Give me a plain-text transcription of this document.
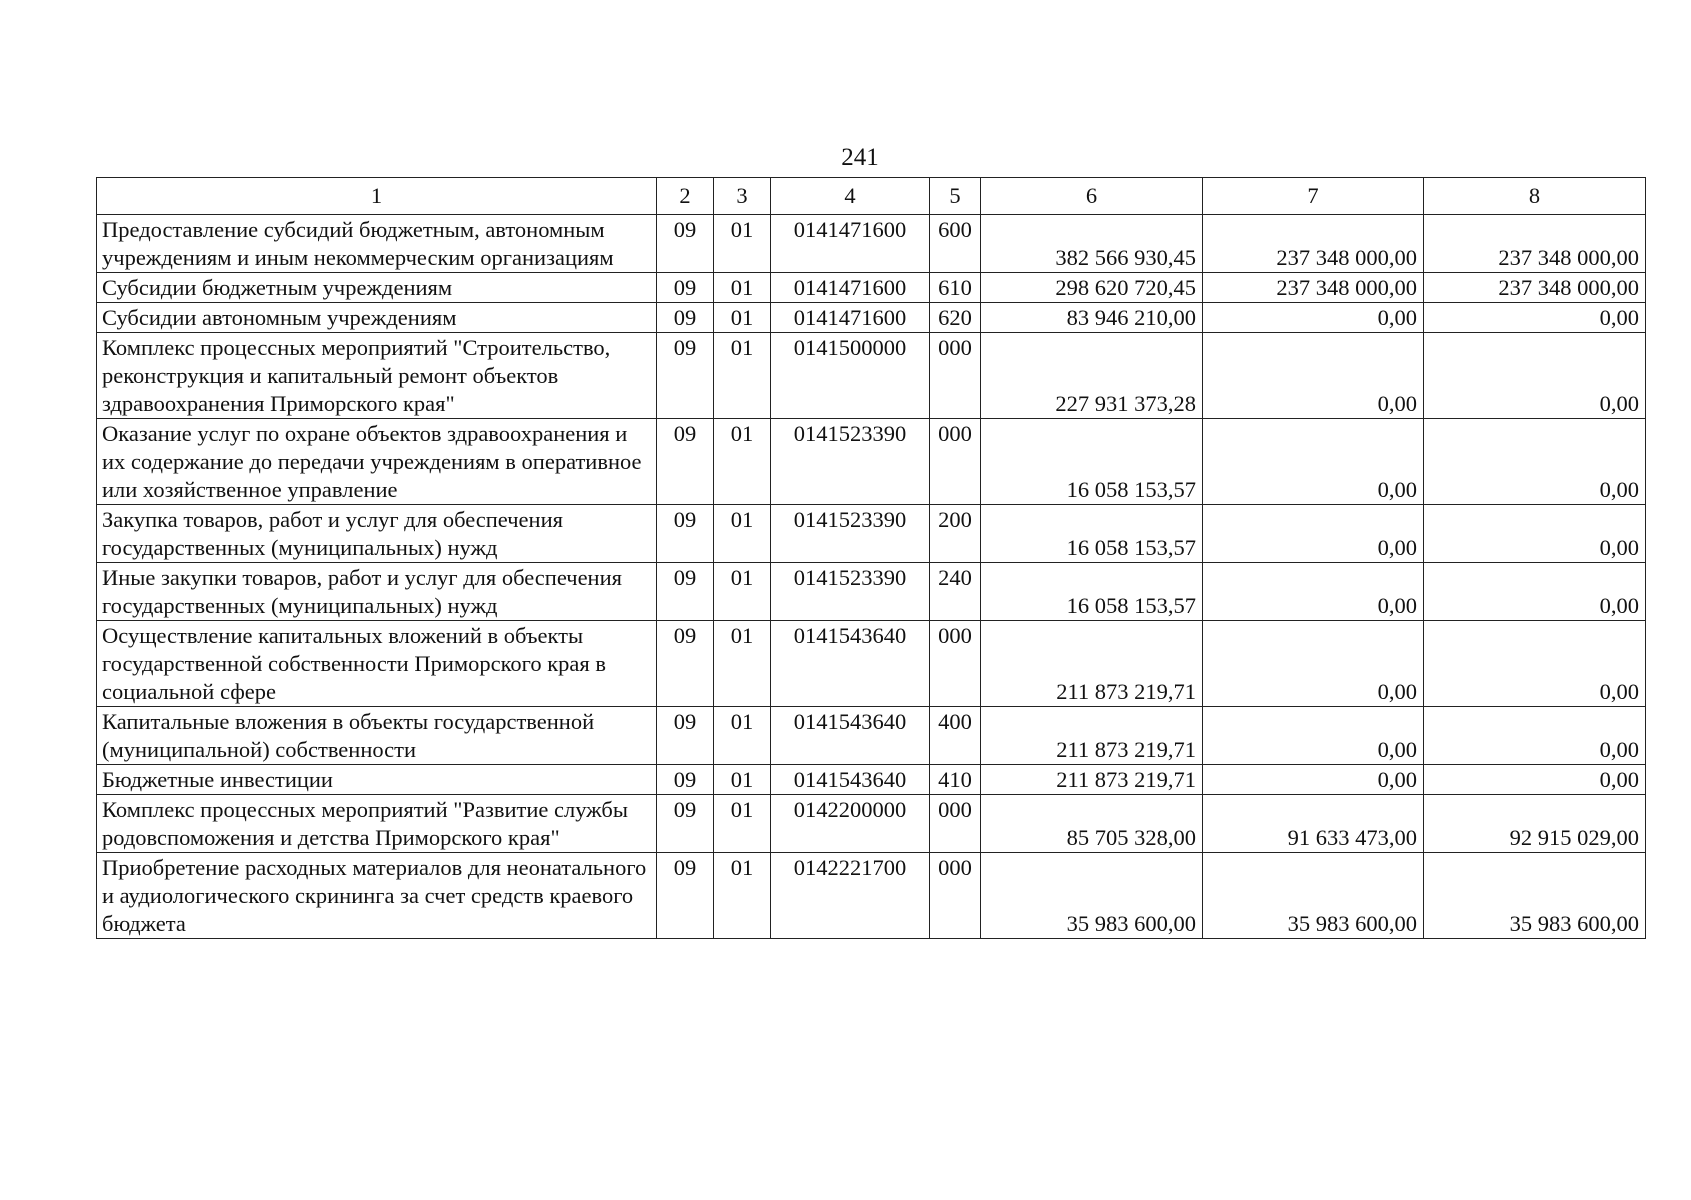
241
1	2	3	4	5	6	7	8
Предоставление субсидий бюджетным, автономным учреждениям и иным некоммерческим организациям	09	01	0141471600	600	382 566 930,45	237 348 000,00	237 348 000,00
Субсидии бюджетным учреждениям	09	01	0141471600	610	298 620 720,45	237 348 000,00	237 348 000,00
Субсидии автономным учреждениям	09	01	0141471600	620	83 946 210,00	0,00	0,00
Комплекс процессных мероприятий "Строительство, реконструкция и капитальный ремонт объектов здравоохранения Приморского края"	09	01	0141500000	000	227 931 373,28	0,00	0,00
Оказание услуг по охране объектов здравоохранения и их содержание до передачи учреждениям в оперативное или хозяйственное управление	09	01	0141523390	000	16 058 153,57	0,00	0,00
Закупка товаров, работ и услуг для обеспечения государственных (муниципальных) нужд	09	01	0141523390	200	16 058 153,57	0,00	0,00
Иные закупки товаров, работ и услуг для обеспечения государственных (муниципальных) нужд	09	01	0141523390	240	16 058 153,57	0,00	0,00
Осуществление капитальных вложений в объекты государственной собственности Приморского края в социальной сфере	09	01	0141543640	000	211 873 219,71	0,00	0,00
Капитальные вложения в объекты государственной (муниципальной) собственности	09	01	0141543640	400	211 873 219,71	0,00	0,00
Бюджетные инвестиции	09	01	0141543640	410	211 873 219,71	0,00	0,00
Комплекс процессных мероприятий "Развитие службы родовспоможения и детства Приморского края"	09	01	0142200000	000	85 705 328,00	91 633 473,00	92 915 029,00
Приобретение расходных материалов для неонатального и аудиологического скрининга за счет средств краевого бюджета	09	01	0142221700	000	35 983 600,00	35 983 600,00	35 983 600,00
